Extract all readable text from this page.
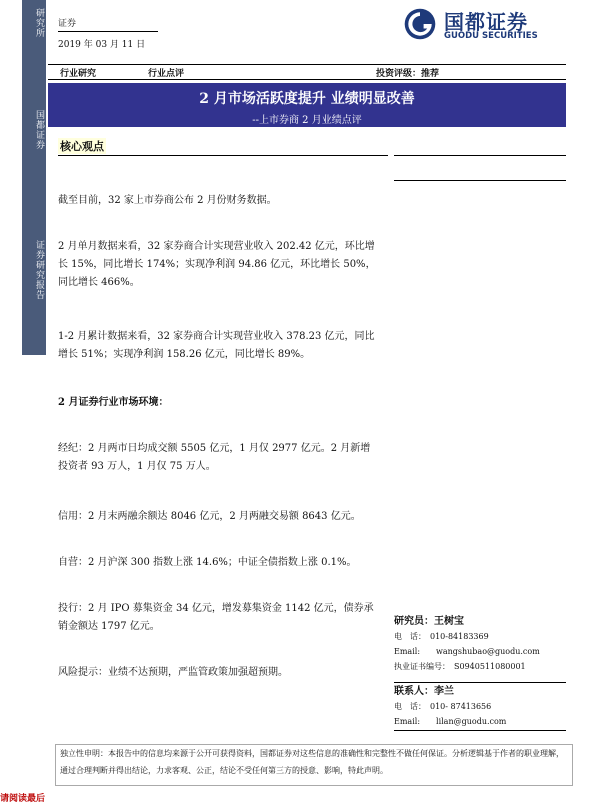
研究所
国都证券
证券研究报告
证券
2019 年 03 月 11 日
国都证券
GUODU SECURITIES
行业研究	行业点评	投资评级：推荐
2 月市场活跃度提升 业绩明显改善
--上市券商 2 月业绩点评
核心观点
截至目前，32 家上市券商公布 2 月份财务数据。
2 月单月数据来看，32 家券商合计实现营业收入 202.42 亿元，环比增长 15%，同比增长 174%；实现净利润 94.86 亿元，环比增长 50%，同比增长 466%。
1-2 月累计数据来看，32 家券商合计实现营业收入 378.23 亿元，同比增长 51%；实现净利润 158.26 亿元，同比增长 89%。
2 月证券行业市场环境：
经纪：2 月两市日均成交额 5505 亿元，1 月仅 2977 亿元。2 月新增投资者 93 万人，1 月仅 75 万人。
信用：2 月末两融余额达 8046 亿元，2 月两融交易额 8643 亿元。
自营：2 月沪深 300 指数上涨 14.6%；中证全债指数上涨 0.1%。
投行：2 月 IPO 募集资金 34 亿元，增发募集资金 1142 亿元，债券承销金额达 1797 亿元。
风险提示：业绩不达预期，严监管政策加强超预期。
研究员：王树宝
电　话：　010-84183369
Email:　　wangshubao@guodu.com
执业证书编号：　S0940511080001
联系人：李兰
电　话：　010- 87413656
Email:　　lilan@guodu.com
独立性申明：本报告中的信息均来源于公开可获得资料，国都证券对这些信息的准确性和完整性不做任何保证。分析逻辑基于作者的职业理解，通过合理判断并得出结论，力求客观、公正，结论不受任何第三方的授意、影响，特此声明。
请阅读最后
